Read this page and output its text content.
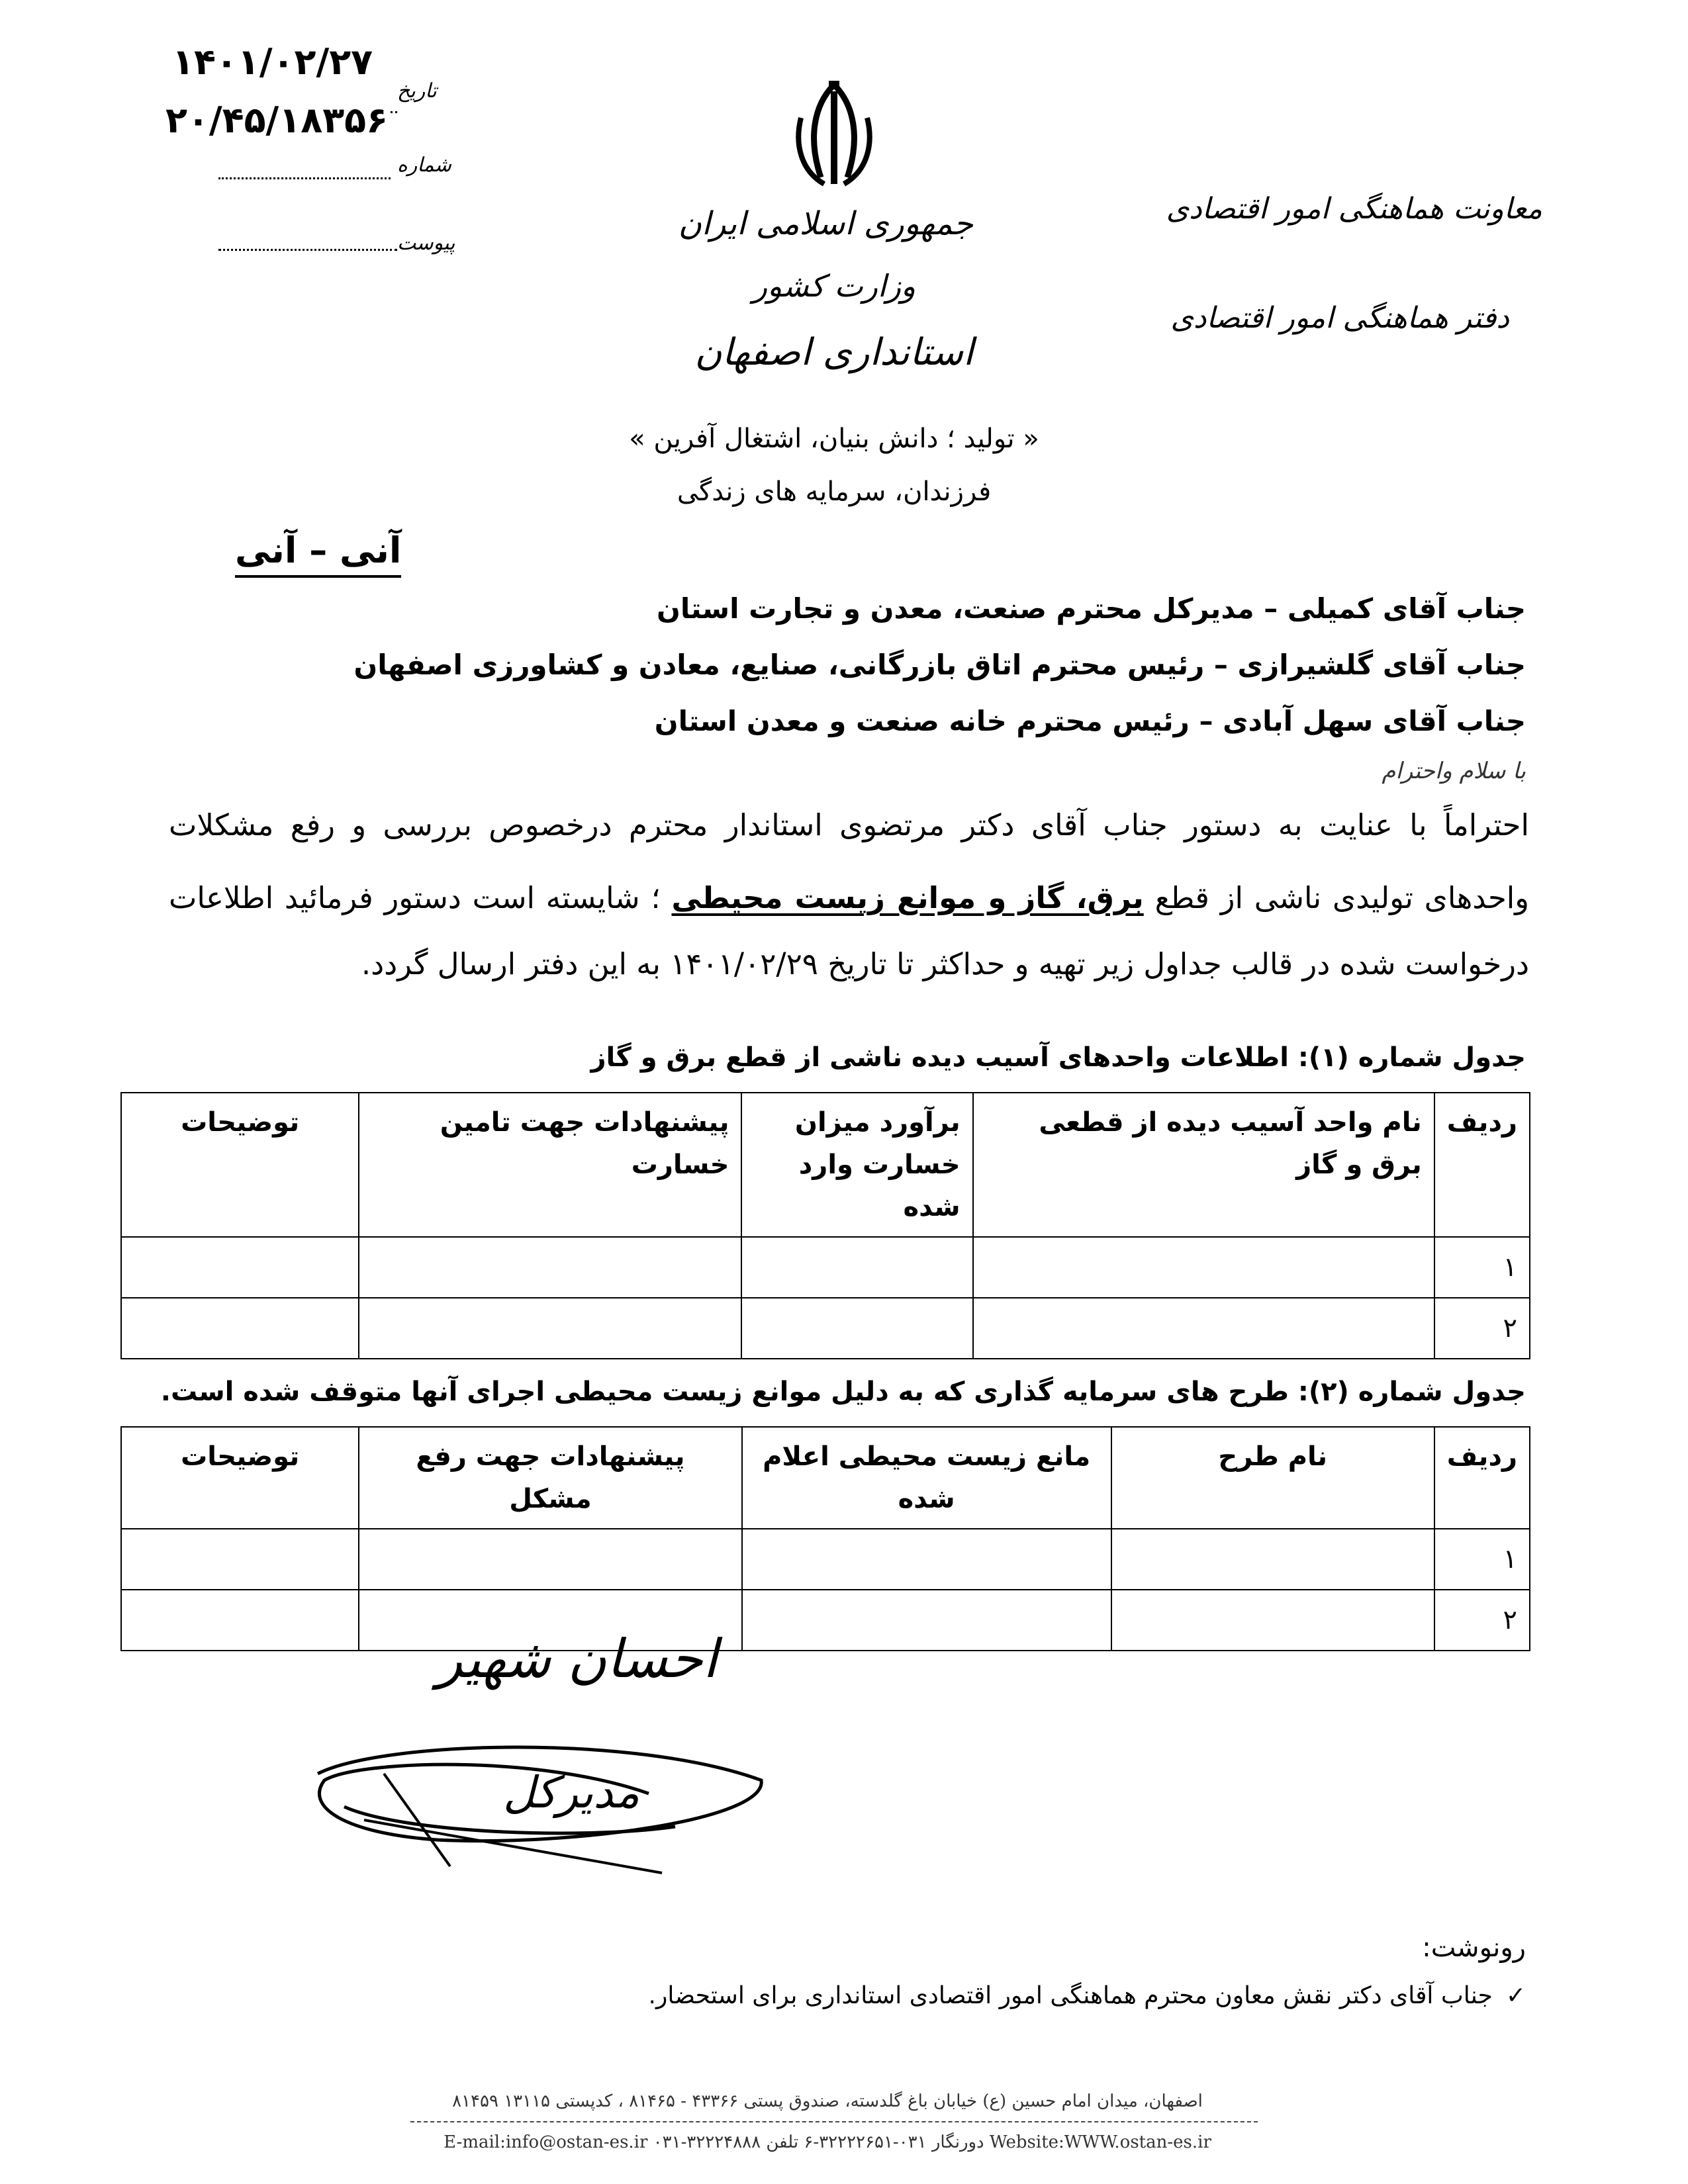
۱۴۰۱/۰۲/۲۷
۲۰/۴۵/۱۸۳۵۶
تاریخ
شماره
پیوست
جمهوری اسلامی ایران
وزارت کشور
استانداری اصفهان
معاونت هماهنگی امور اقتصادی
دفتر هماهنگی امور اقتصادی
« تولید ؛ دانش بنیان، اشتغال آفرین »
فرزندان، سرمایه های زندگی
آنی – آنی
جناب آقای کمیلی – مدیرکل محترم صنعت، معدن و تجارت استان
جناب آقای گلشیرازی – رئیس محترم اتاق بازرگانی، صنایع، معادن و کشاورزی اصفهان
جناب آقای سهل آبادی – رئیس محترم خانه صنعت و معدن استان
با سلام واحترام
احتراماً با عنایت به دستور جناب آقای دکتر مرتضوی استاندار محترم درخصوص بررسی و رفع مشکلات
واحدهای تولیدی ناشی از قطع برق، گاز و موانع زیست محیطی ؛ شایسته است دستور فرمائید اطلاعات
درخواست شده در قالب جداول زیر تهیه و حداکثر تا تاریخ ۱۴۰۱/۰۲/۲۹ به این دفتر ارسال گردد.
جدول شماره (۱): اطلاعات واحدهای آسیب دیده ناشی از قطع برق و گاز
ردیف	نام واحد آسیب دیده از قطعی برق و گاز	برآورد میزان خسارت وارد شده	پیشنهادات جهت تامین خسارت	توضیحات
۱				
۲				
جدول شماره (۲): طرح های سرمایه گذاری که به دلیل موانع زیست محیطی اجرای آنها متوقف شده است.
ردیف	نام طرح	مانع زیست محیطی اعلام شده	پیشنهادات جهت رفع مشکل	توضیحات
۱				
۲				
احسان شهیر
مدیرکل
رونوشت:
✓
جناب آقای دکتر نقش معاون محترم هماهنگی امور اقتصادی استانداری برای استحضار.
اصفهان، میدان امام حسین (ع) خیابان باغ گلدسته، صندوق پستی ۴۳۳۶۶ - ۸۱۴۶۵ ، کدپستی ۱۳۱۱۵ ۸۱۴۵۹
E-mail:info@ostan-es.ir ۰۳۱-۳۲۲۲۴۸۸۸ دورنگار ۰۳۱-۳۲۲۲۲۶۵۱-۶ تلفن Website:WWW.ostan-es.ir
